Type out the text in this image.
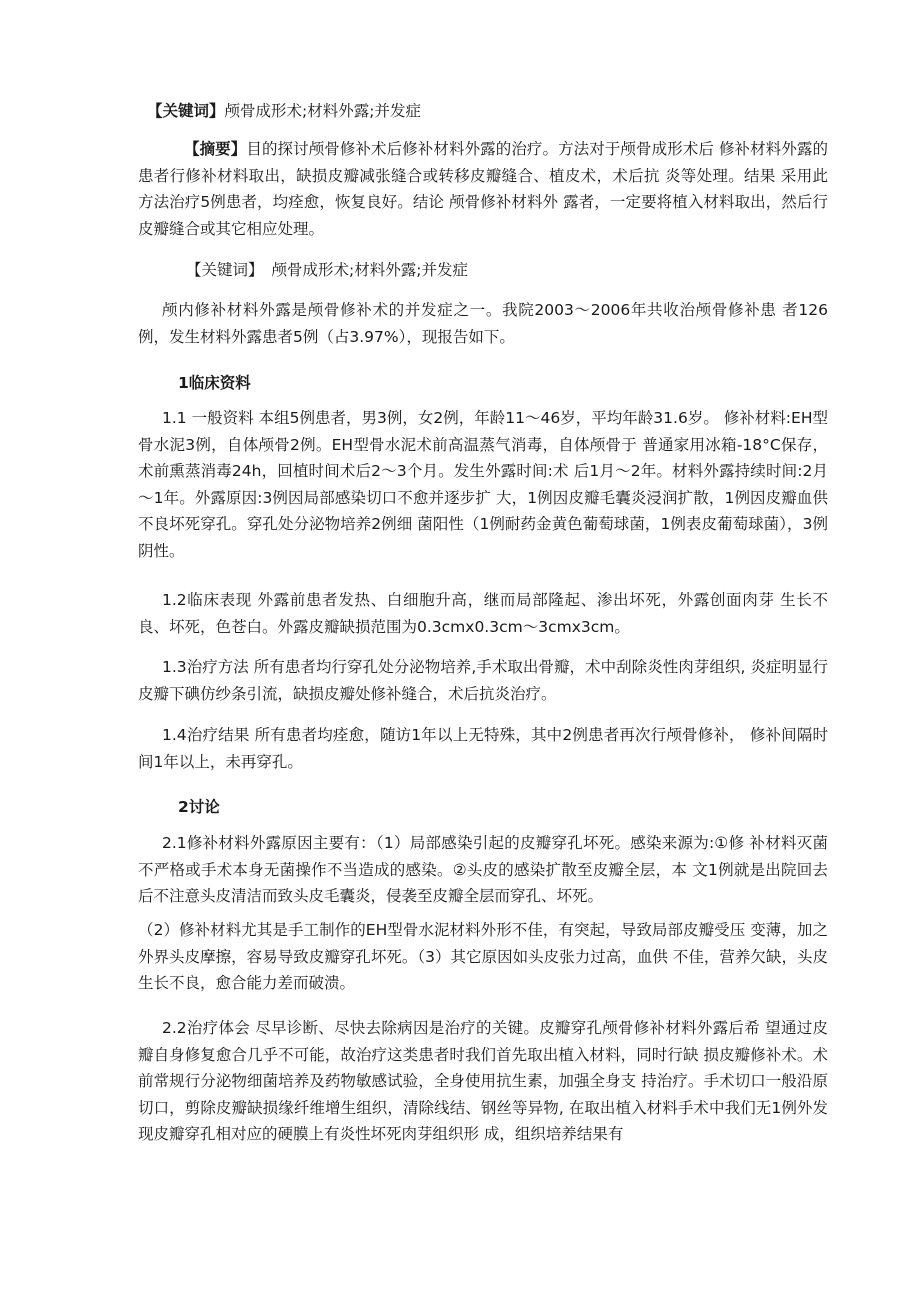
【关键词】颅骨成形术;材料外露;并发症

【摘要】目的探讨颅骨修补术后修补材料外露的治疗。方法对于颅骨成形术后 修补材料外露的患者行修补材料取出，缺损皮瓣减张缝合或转移皮瓣缝合、植皮术，术后抗 炎等处理。结果 采用此方法治疗5例患者，均痊愈，恢复良好。结论 颅骨修补材料外 露者，一定要将植入材料取出，然后行皮瓣缝合或其它相应处理。

【关键词】 颅骨成形术;材料外露;并发症

颅内修补材料外露是颅骨修补术的并发症之一。我院2003～2006年共收治颅骨修补患 者126例，发生材料外露患者5例（占3.97%），现报告如下。

1临床资料

1.1 一般资料 本组5例患者，男3例，女2例，年龄11～46岁，平均年龄31.6岁。 修补材料:EH型骨水泥3例，自体颅骨2例。EH型骨水泥术前高温蒸气消毒，自体颅骨于 普通家用冰箱-18°C保存，术前熏蒸消毒24h，回植时间术后2～3个月。发生外露时间:术 后1月～2年。材料外露持续时间:2月～1年。外露原因:3例因局部感染切口不愈并逐步扩 大，1例因皮瓣毛囊炎浸润扩散，1例因皮瓣血供不良坏死穿孔。穿孔处分泌物培养2例细 菌阳性（1例耐药金黄色葡萄球菌，1例表皮葡萄球菌），3例阴性。

1.2临床表现 外露前患者发热、白细胞升高，继而局部隆起、渗出坏死，外露创面肉芽 生长不良、坏死，色苍白。外露皮瓣缺损范围为0.3cmx0.3cm～3cmx3cm。

1.3治疗方法 所有患者均行穿孔处分泌物培养,手术取出骨瓣，术中刮除炎性肉芽组织, 炎症明显行皮瓣下碘仿纱条引流，缺损皮瓣处修补缝合，术后抗炎治疗。

1.4治疗结果 所有患者均痊愈，随访1年以上无特殊，其中2例患者再次行颅骨修补， 修补间隔时间1年以上，未再穿孔。

2讨论

2.1修补材料外露原因主要有：（1）局部感染引起的皮瓣穿孔坏死。感染来源为:①修 补材料灭菌不严格或手术本身无菌操作不当造成的感染。②头皮的感染扩散至皮瓣全层，本 文1例就是出院回去后不注意头皮清洁而致头皮毛囊炎，侵袭至皮瓣全层而穿孔、坏死。

（2）修补材料尤其是手工制作的EH型骨水泥材料外形不佳，有突起，导致局部皮瓣受压 变薄，加之外界头皮摩擦，容易导致皮瓣穿孔坏死。（3）其它原因如头皮张力过高，血供 不佳，营养欠缺，头皮生长不良，愈合能力差而破溃。

2.2治疗体会 尽早诊断、尽快去除病因是治疗的关键。皮瓣穿孔颅骨修补材料外露后希 望通过皮瓣自身修复愈合几乎不可能，故治疗这类患者时我们首先取出植入材料，同时行缺 损皮瓣修补术。术前常规行分泌物细菌培养及药物敏感试验，全身使用抗生素，加强全身支 持治疗。手术切口一般沿原切口，剪除皮瓣缺损缘纤维增生组织，清除线结、钢丝等异物, 在取出植入材料手术中我们无1例外发现皮瓣穿孔相对应的硬膜上有炎性坏死肉芽组织形 成，组织培养结果有
